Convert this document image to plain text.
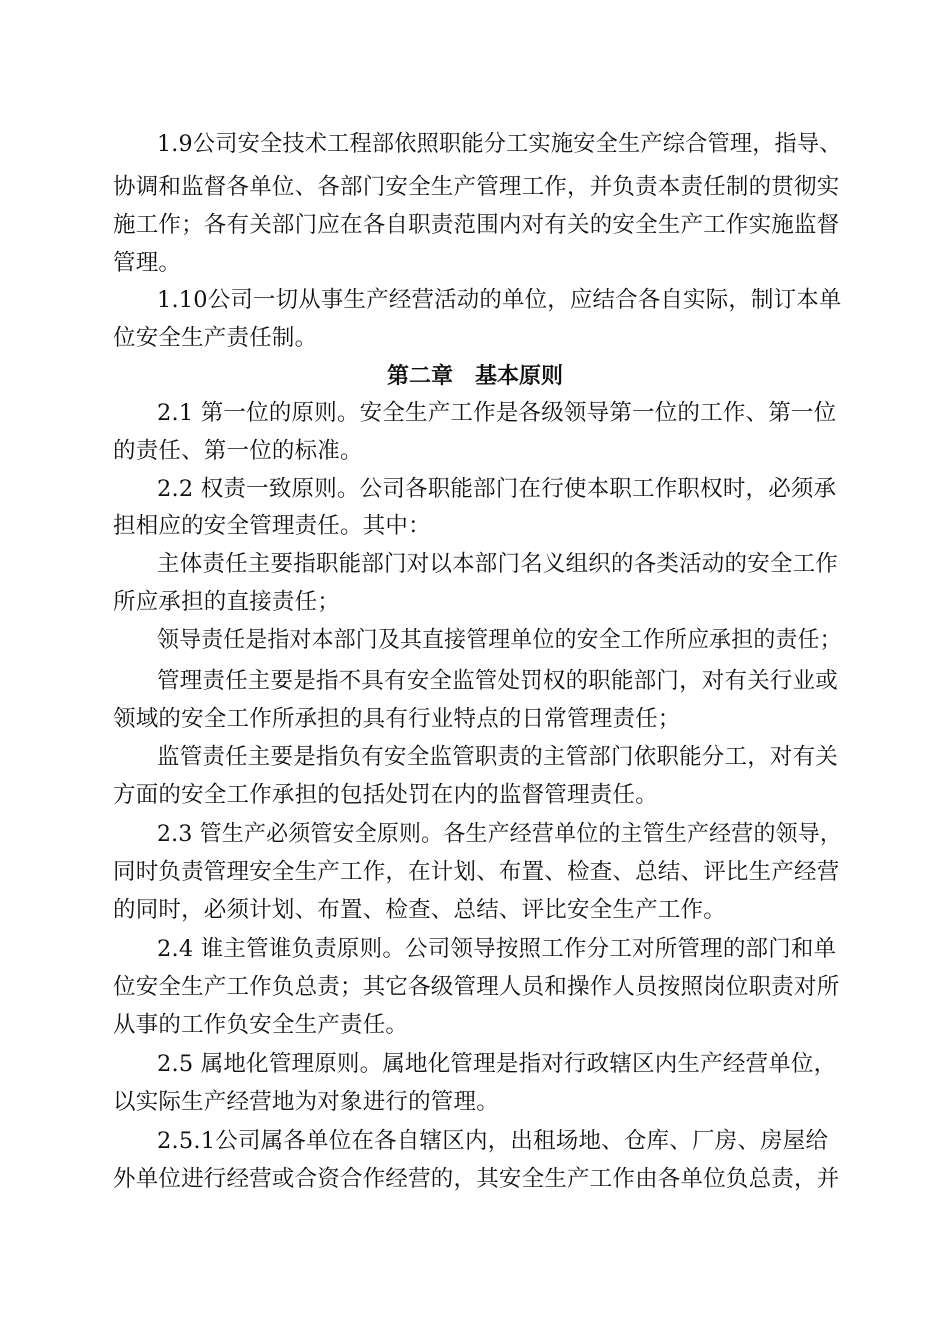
1.9公司安全技术工程部依照职能分工实施安全生产综合管理，指导、
协调和监督各单位、各部门安全生产管理工作，并负责本责任制的贯彻实
施工作；各有关部门应在各自职责范围内对有关的安全生产工作实施监督
管理。
1.10公司一切从事生产经营活动的单位，应结合各自实际，制订本单
位安全生产责任制。
第二章　基本原则
2.1 第一位的原则。安全生产工作是各级领导第一位的工作、第一位
的责任、第一位的标准。
2.2 权责一致原则。公司各职能部门在行使本职工作职权时，必须承
担相应的安全管理责任。其中：
主体责任主要指职能部门对以本部门名义组织的各类活动的安全工作
所应承担的直接责任；
领导责任是指对本部门及其直接管理单位的安全工作所应承担的责任；
管理责任主要是指不具有安全监管处罚权的职能部门，对有关行业或
领域的安全工作所承担的具有行业特点的日常管理责任；
监管责任主要是指负有安全监管职责的主管部门依职能分工，对有关
方面的安全工作承担的包括处罚在内的监督管理责任。
2.3 管生产必须管安全原则。各生产经营单位的主管生产经营的领导，
同时负责管理安全生产工作，在计划、布置、检查、总结、评比生产经营
的同时，必须计划、布置、检查、总结、评比安全生产工作。
2.4 谁主管谁负责原则。公司领导按照工作分工对所管理的部门和单
位安全生产工作负总责；其它各级管理人员和操作人员按照岗位职责对所
从事的工作负安全生产责任。
2.5 属地化管理原则。属地化管理是指对行政辖区内生产经营单位，
以实际生产经营地为对象进行的管理。
2.5.1公司属各单位在各自辖区内，出租场地、仓库、厂房、房屋给
外单位进行经营或合资合作经营的，其安全生产工作由各单位负总责，并
